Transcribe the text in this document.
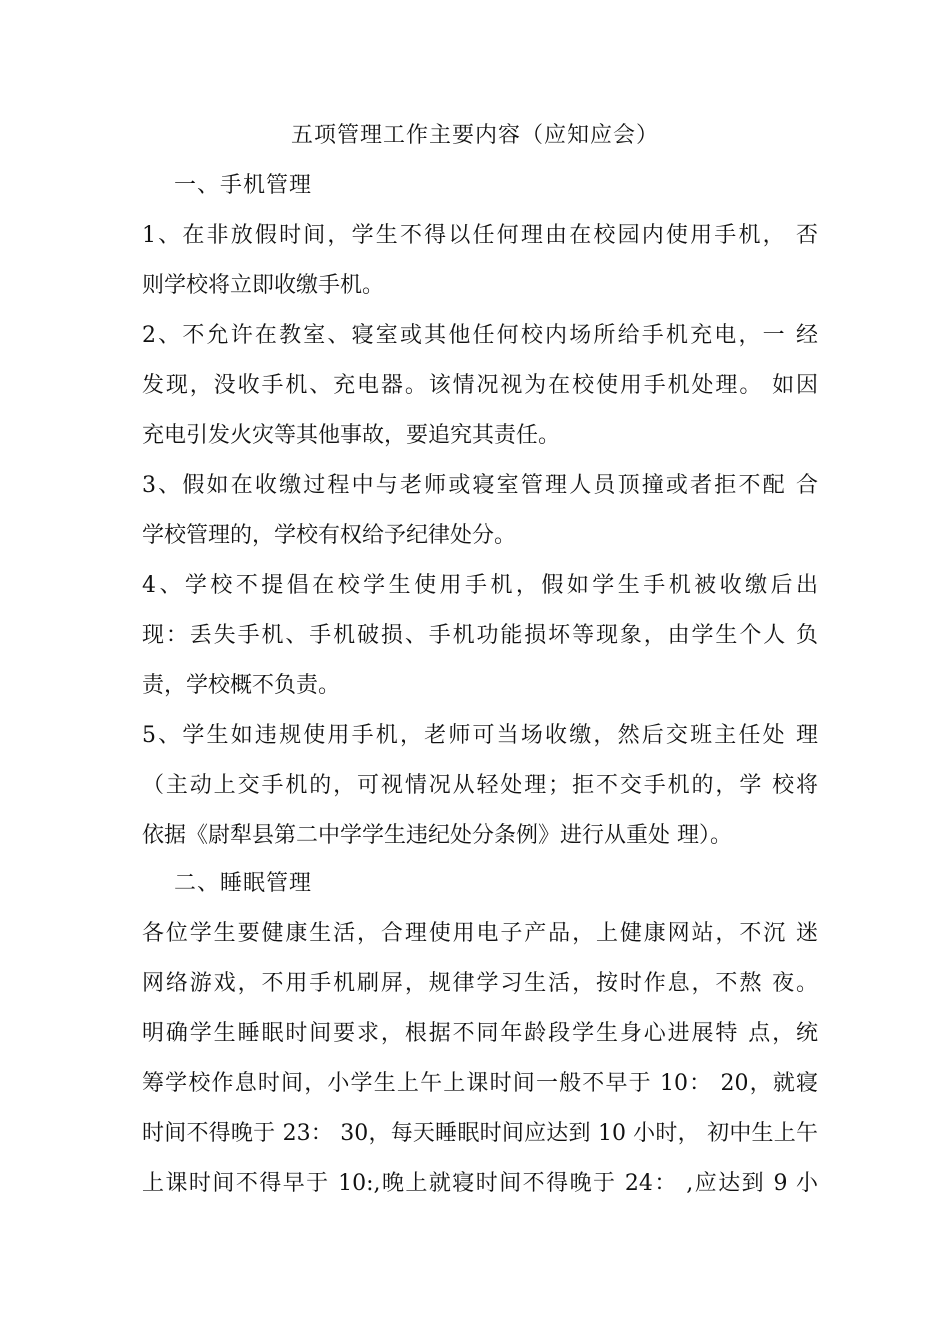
五项管理工作主要内容（应知应会）
一、手机管理
1、在非放假时间，学生不得以任何理由在校园内使用手机， 否
则学校将立即收缴手机。
2、不允许在教室、寝室或其他任何校内场所给手机充电，一 经
发现，没收手机、充电器。该情况视为在校使用手机处理。 如因
充电引发火灾等其他事故，要追究其责任。
3、假如在收缴过程中与老师或寝室管理人员顶撞或者拒不配 合
学校管理的，学校有权给予纪律处分。
4、学校不提倡在校学生使用手机，假如学生手机被收缴后出
现：丢失手机、手机破损、手机功能损坏等现象，由学生个人 负
责，学校概不负责。
5、学生如违规使用手机，老师可当场收缴，然后交班主任处 理
（主动上交手机的，可视情况从轻处理；拒不交手机的，学 校将
依据《尉犁县第二中学学生违纪处分条例》进行从重处 理）。
二、睡眠管理
各位学生要健康生活，合理使用电子产品，上健康网站，不沉 迷
网络游戏，不用手机刷屏，规律学习生活，按时作息，不熬 夜。
明确学生睡眠时间要求，根据不同年龄段学生身心进展特 点，统
筹学校作息时间，小学生上午上课时间一般不早于 10： 20，就寝
时间不得晚于 23： 30，每天睡眠时间应达到 10 小时， 初中生上午
上课时间不得早于 10:,晚上就寝时间不得晚于 24： ,应达到 9 小
